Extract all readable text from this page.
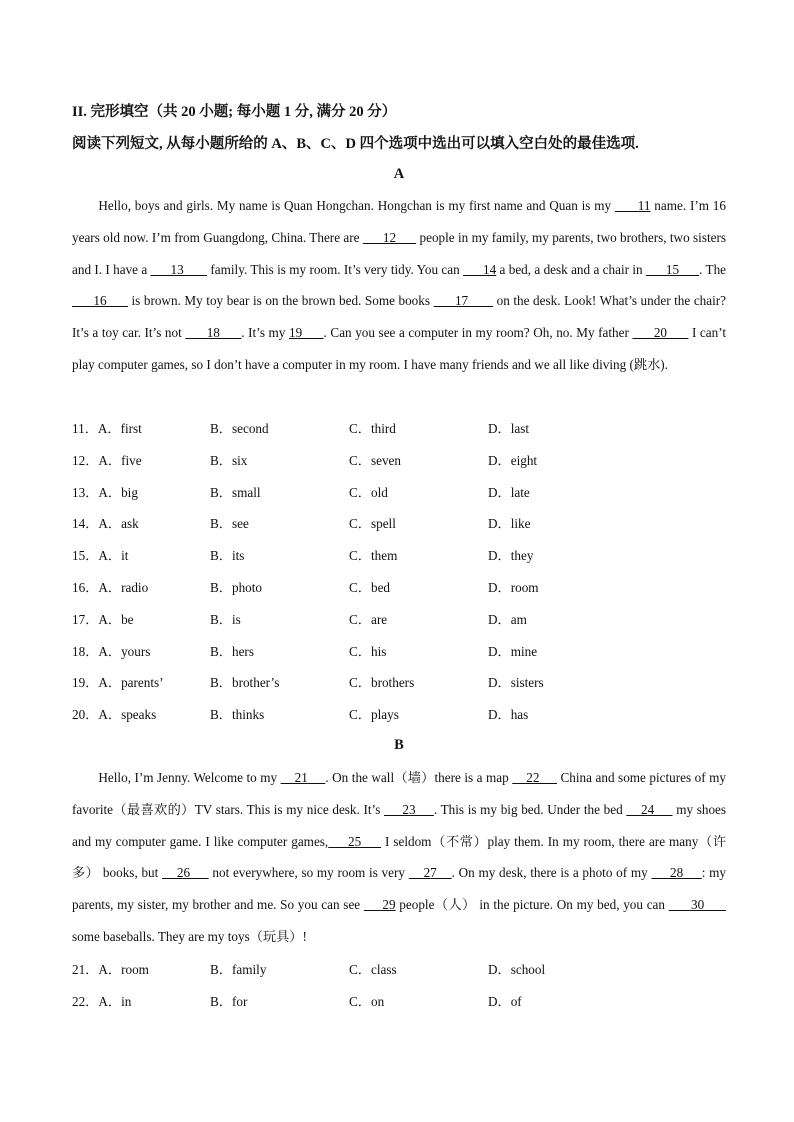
II. 完形填空（共 20 小题; 每小题 1 分, 满分 20 分）
阅读下列短文, 从每小题所给的 A、B、C、D 四个选项中选出可以填入空白处的最佳选项.
A

Hello, boys and girls. My name is Quan Hongchan. Hongchan is my first name and Quan is my       11 name. I’m 16 years old now. I’m from Guangdong, China. There are       12       people in my family, my parents, two brothers, two sisters and I. I have a       13        family. This is my room. It’s very tidy. You can       14 a bed, a desk and a chair in       15      . The       16       is brown. My toy bear is on the brown bed. Some books       17        on the desk. Look! What’s under the chair? It’s a toy car. It’s not       18      . It’s my 19      . Can you see a computer in my room? Oh, no. My father       20       I can’t play computer games, so I don’t have a computer in my room. I have many friends and we all like diving (跳水).

11．A．first	B．second	C．third	D．last
12．A．five	B．six	C．seven	D．eight
13．A．big	B．small	C．old	D．late
14．A．ask	B．see	C．spell	D．like
15．A．it	B．its	C．them	D．they
16．A．radio	B．photo	C．bed	D．room
17．A．be	B．is	C．are	D．am
18．A．yours	B．hers	C．his	D．mine
19．A．parents’	B．brother’s	C．brothers	D．sisters
20．A．speaks	B．thinks	C．plays	D．has
B

Hello, I’m Jenny. Welcome to my     21     . On the wall（墙）there is a map     22      China and some pictures of my favorite（最喜欢的）TV stars. This is my nice desk. It’s      23     . This is my big bed. Under the bed     24      my shoes and my computer game. I like computer games,     25      I seldom（不常）play them. In my room, there are many（许多） books, but     26      not everywhere, so my room is very     27    . On my desk, there is a photo of my      28     : my parents, my sister, my brother and me. So you can see      29 people（人） in the picture. On my bed, you can       30       some baseballs. They are my toys（玩具）!

21．A．room	B．family	C．class	D．school
22．A．in	B．for	C．on	D．of
